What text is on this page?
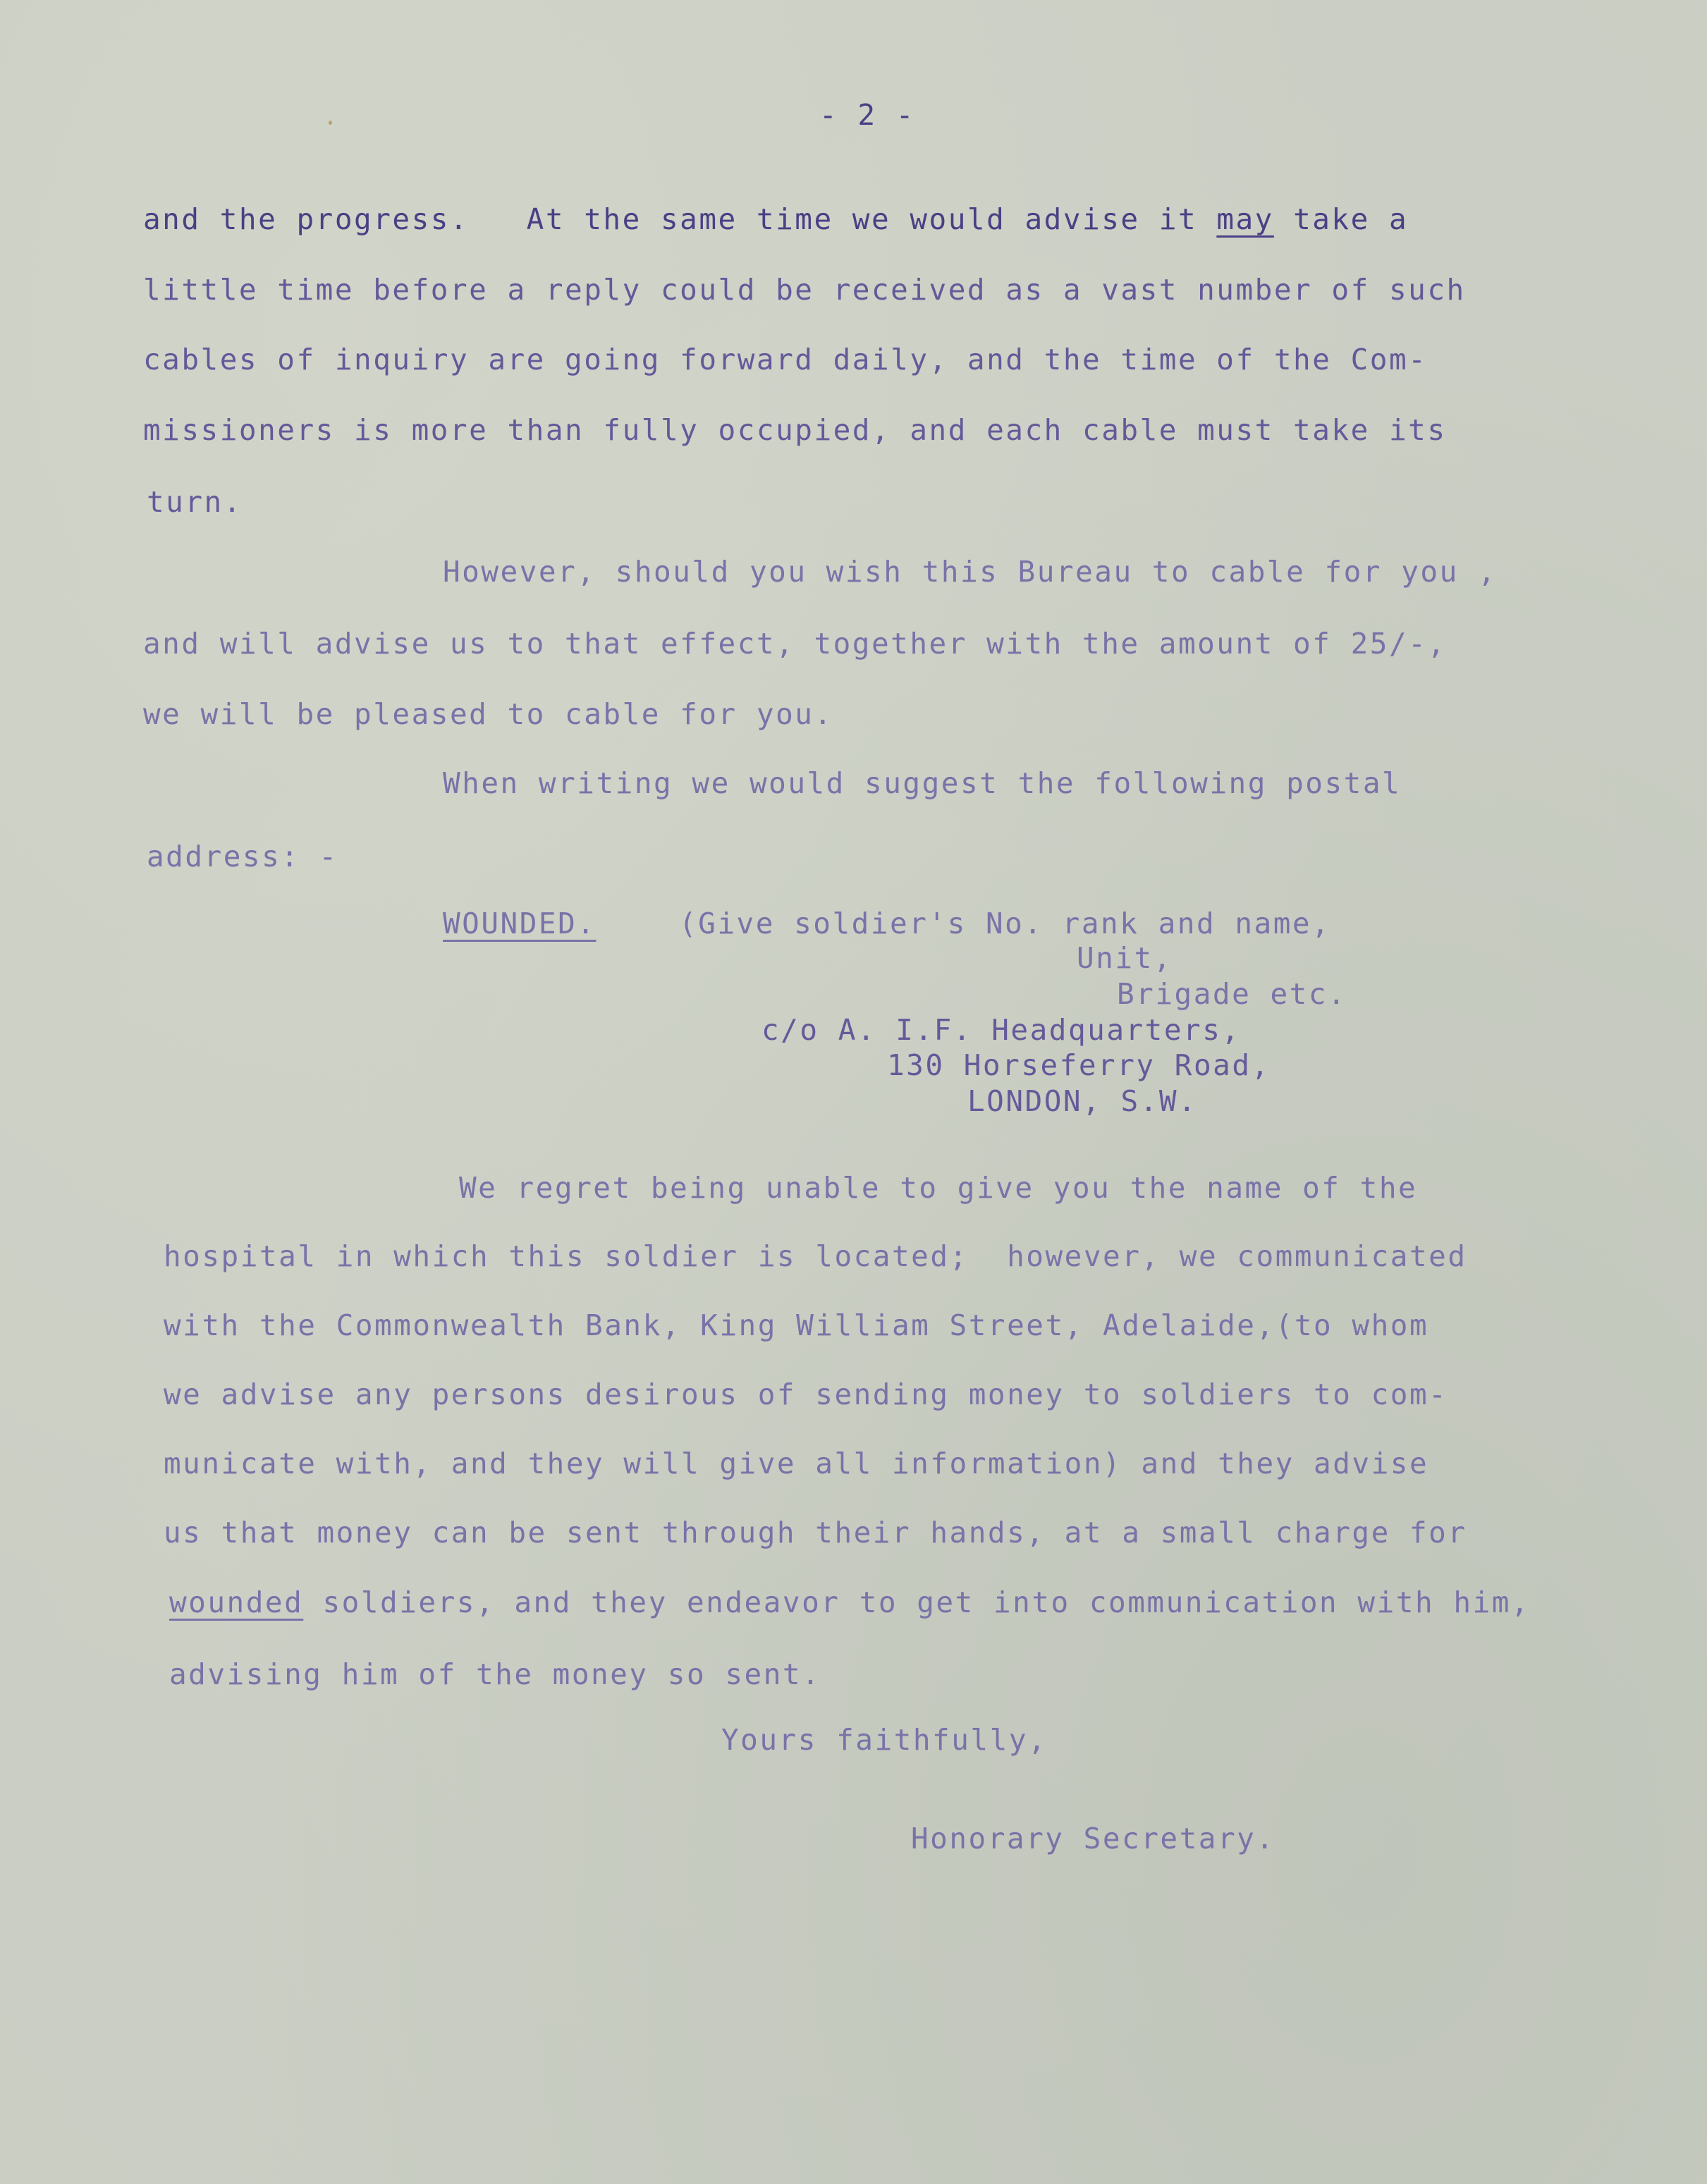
- 2 -
and the progress.   At the same time we would advise it may take a
little time before a reply could be received as a vast number of such
cables of inquiry are going forward daily, and the time of the Com-
missioners is more than fully occupied, and each cable must take its
turn.
However, should you wish this Bureau to cable for you ,
and will advise us to that effect, together with the amount of 25/-,
we will be pleased to cable for you.
When writing we would suggest the following postal
address: -
WOUNDED.	(Give soldier's No. rank and name,
Unit,
Brigade etc.
c/o A. I.F. Headquarters,
130 Horseferry Road,
LONDON, S.W.
We regret being unable to give you the name of the
hospital in which this soldier is located;  however, we communicated
with the Commonwealth Bank, King William Street, Adelaide,(to whom
we advise any persons desirous of sending money to soldiers to com-
municate with, and they will give all information) and they advise
us that money can be sent through their hands, at a small charge for
wounded soldiers, and they endeavor to get into communication with him,
advising him of the money so sent.
Yours faithfully,
Honorary Secretary.
